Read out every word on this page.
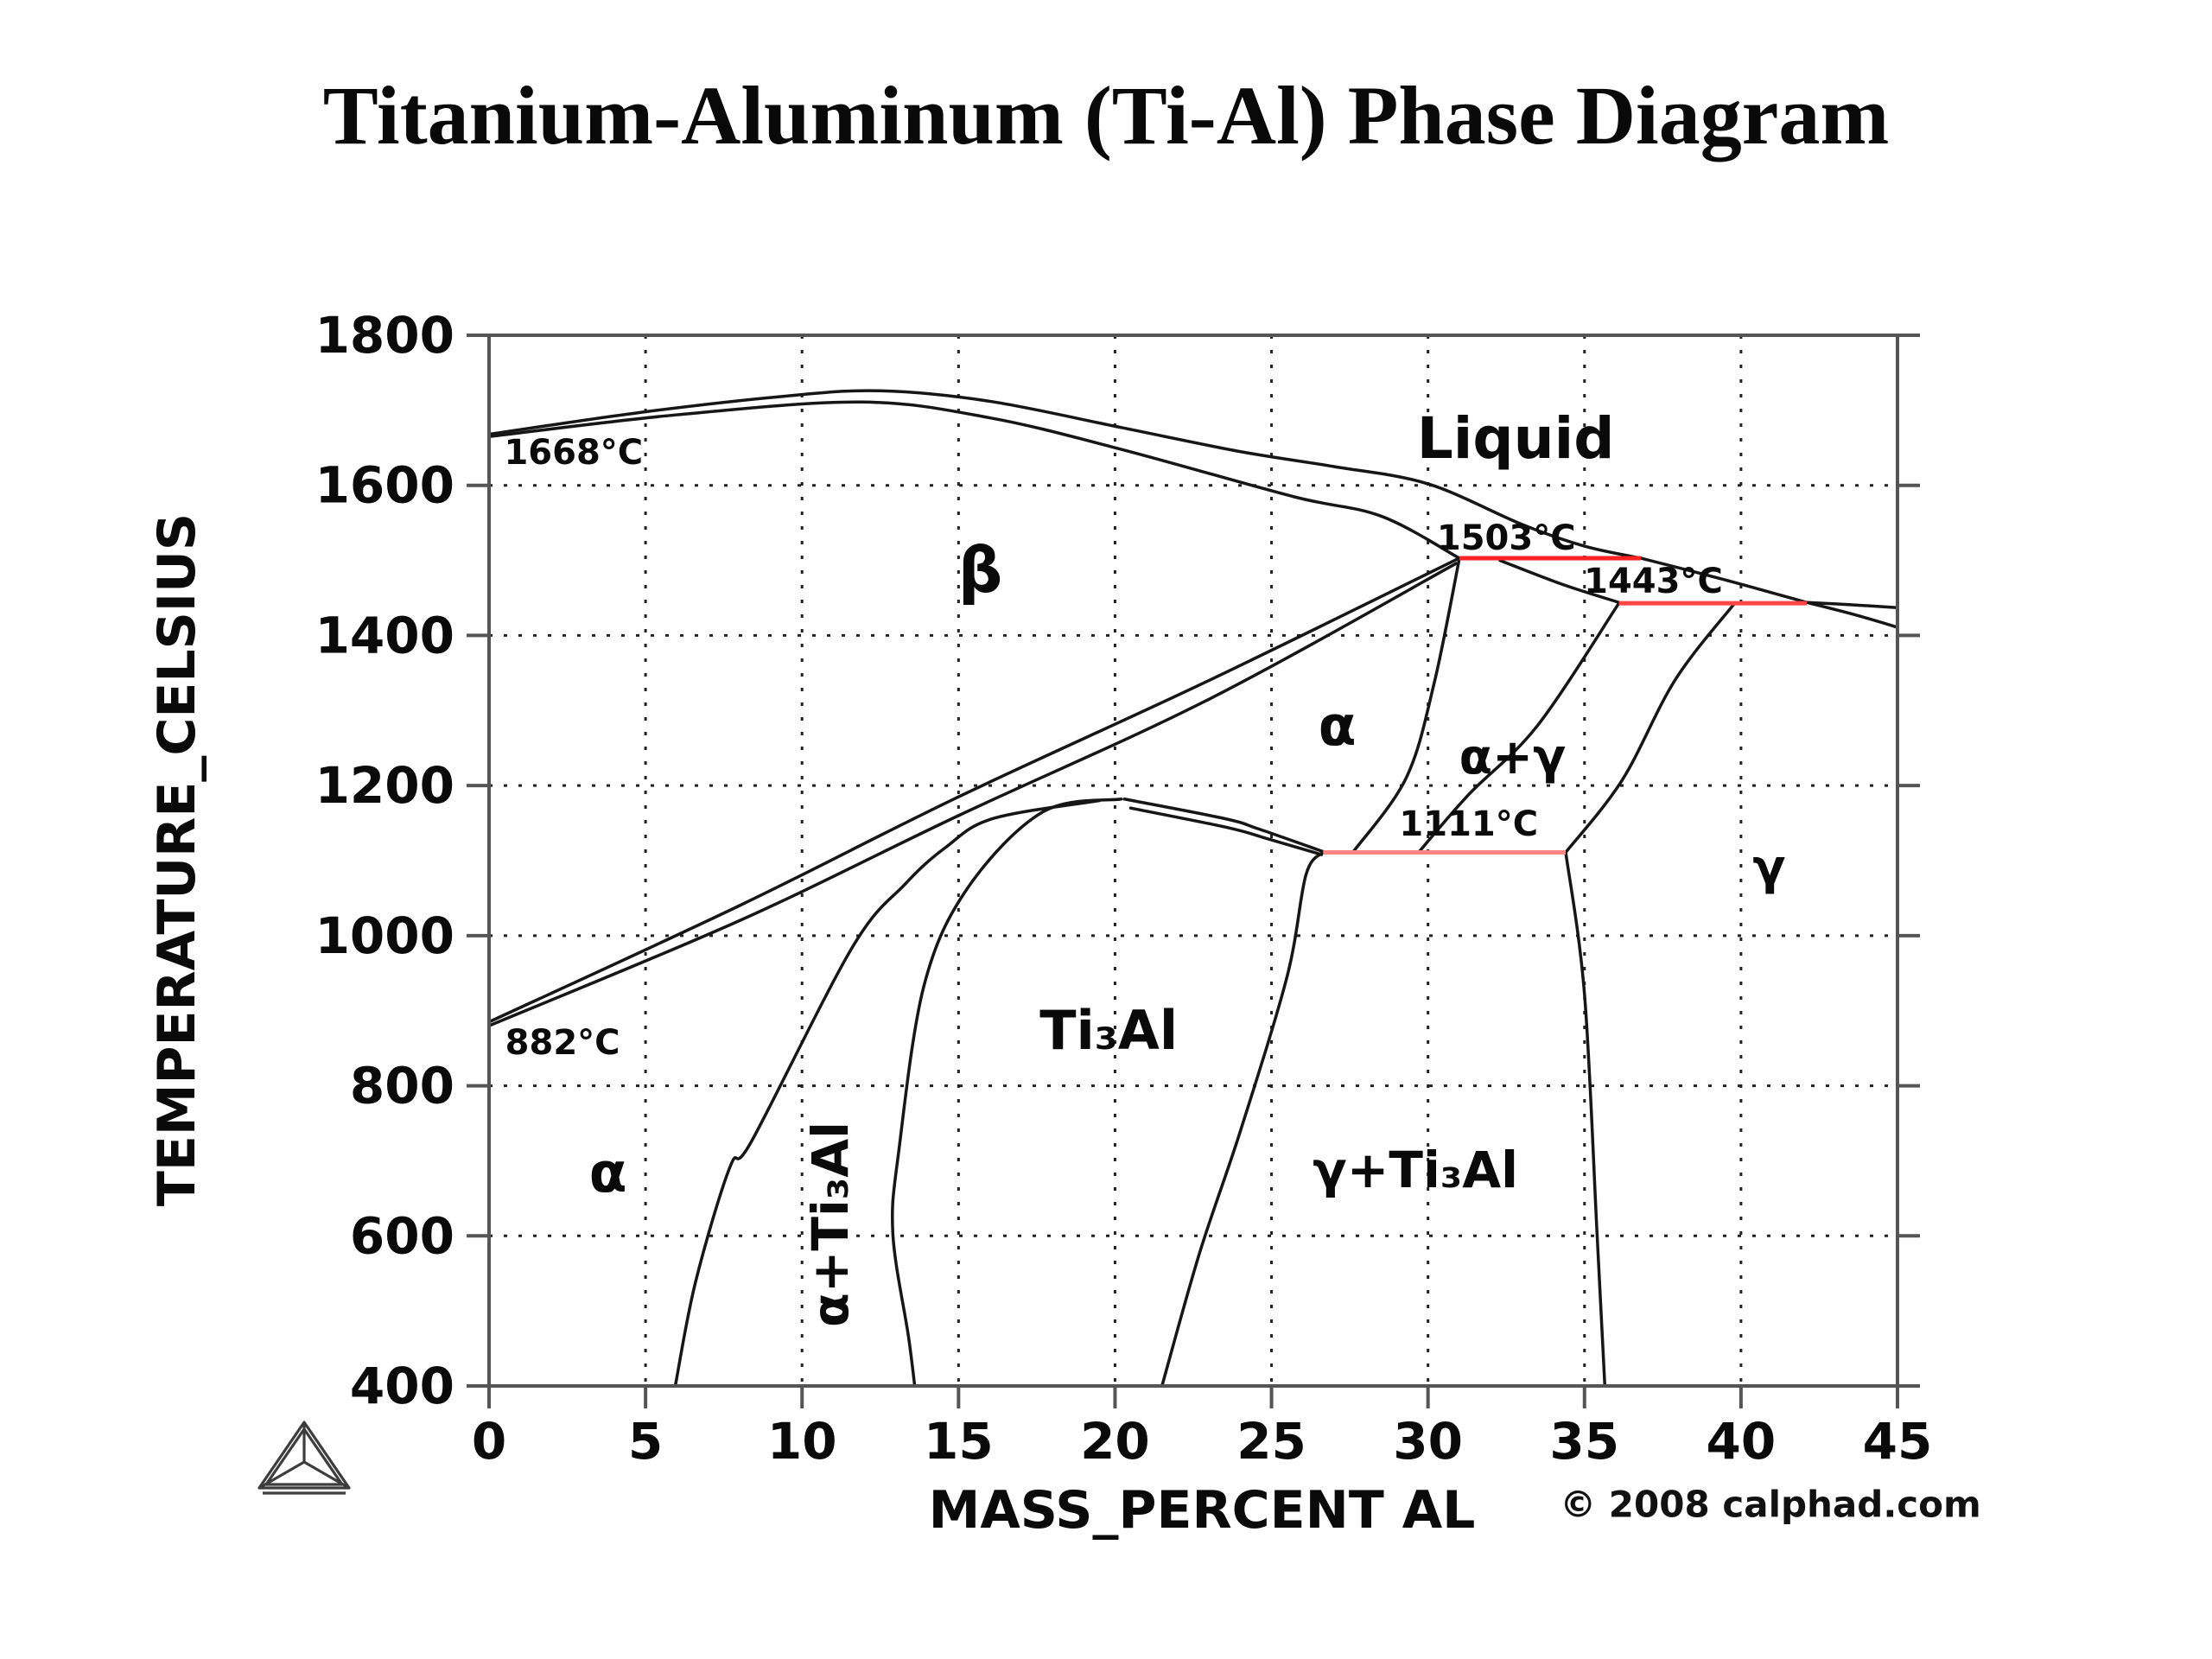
Titanium-Aluminum (Ti-Al) Phase Diagram
0 5 10 15 20 25 30 35 40 45
400
600
800
1000
1200
1400
1600
1800
TEMPERATURE_CELSIUS
MASS_PERCENT AL © 2008 calphad.com
Liquid
β
α
α α+γ
γ
Ti₃Al
γ+Ti₃Al
α+Ti₃Al
1668°C
1503°C
1443°C
1111°C
882°C
